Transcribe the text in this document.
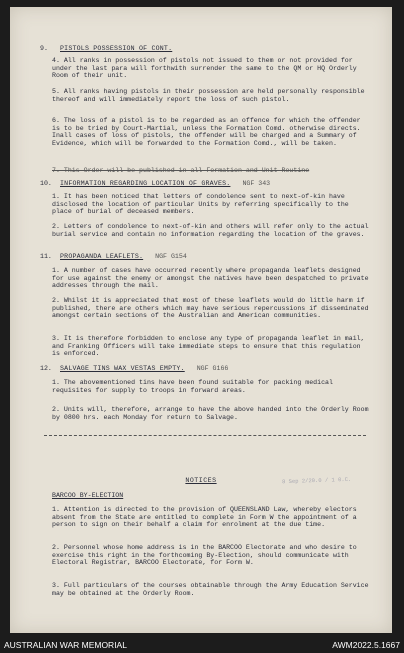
9. PISTOLS POSSESSION OF CONT.
4. All ranks in possession of pistols not issued to them or not provided for under the last para will forthwith surrender the same to the QM or HQ Orderly Room of their unit.
5. All ranks having pistols in their possession are held personally responsible thereof and will immediately report the loss of such pistol.
6. The loss of a pistol is to be regarded as an offence for which the offender is to be tried by Court-Martial, unless the Formation Comd. otherwise directs. Inall cases of loss of pistols, the offender will be charged and a Summary of Evidence, which will be forwarded to the Formation Comd., will be taken.
7. This Order will be published in all Formation and Unit Routine
10. INFORMATION REGARDING LOCATION OF GRAVES. NGF 343
1. It has been noticed that letters of condolence sent to next-of-kin have disclosed the location of particular Units by referring specifically to the place of burial of deceased members.
2. Letters of condolence to next-of-kin and others will refer only to the actual burial service and contain no information regarding the location of the graves.
11. PROPAGANDA LEAFLETS. NGF G154
1. A number of cases have occurred recently where propaganda leaflets designed for use against the enemy or amongst the natives have been despatched to private addresses through the mail.
2. Whilst it is appreciated that most of these leaflets would do little harm if published, there are others which may have serious repercussions if disseminated amongst certain sections of the Australian and American communities.
3. It is therefore forbidden to enclose any type of propaganda leaflet in mail, and Franking Officers will take immediate steps to ensure that this regulation is enforced.
12. SALVAGE TINS WAX VESTAS EMPTY. NGF G166
1. The abovementioned tins have been found suitable for packing medical requisites for supply to troops in forward areas.
2. Units will, therefore, arrange to have the above handed into the Orderly Room by 0800 hrs. each Monday for return to Salvage.
NOTICES	8 Sep 2/20.0 / 1 0.C.
BARCOO BY-ELECTION
1. Attention is directed to the provision of QUEENSLAND Law, whereby electors absent from the State are entitled to complete in Form W the appointment of a person to sign on their behalf a claim for enrolment at the due time.
2. Personnel whose home address is in the BARCOO Electorate and who desire to exercise this right in the forthcoming By-Election, should communicate with Electoral Registrar, BARCOO Electorate, for Form W.
3. Full particulars of the courses obtainable through the Army Education Service may be obtained at the Orderly Room.
AUSTRALIAN WAR MEMORIAL	AWM2022.5.1667
